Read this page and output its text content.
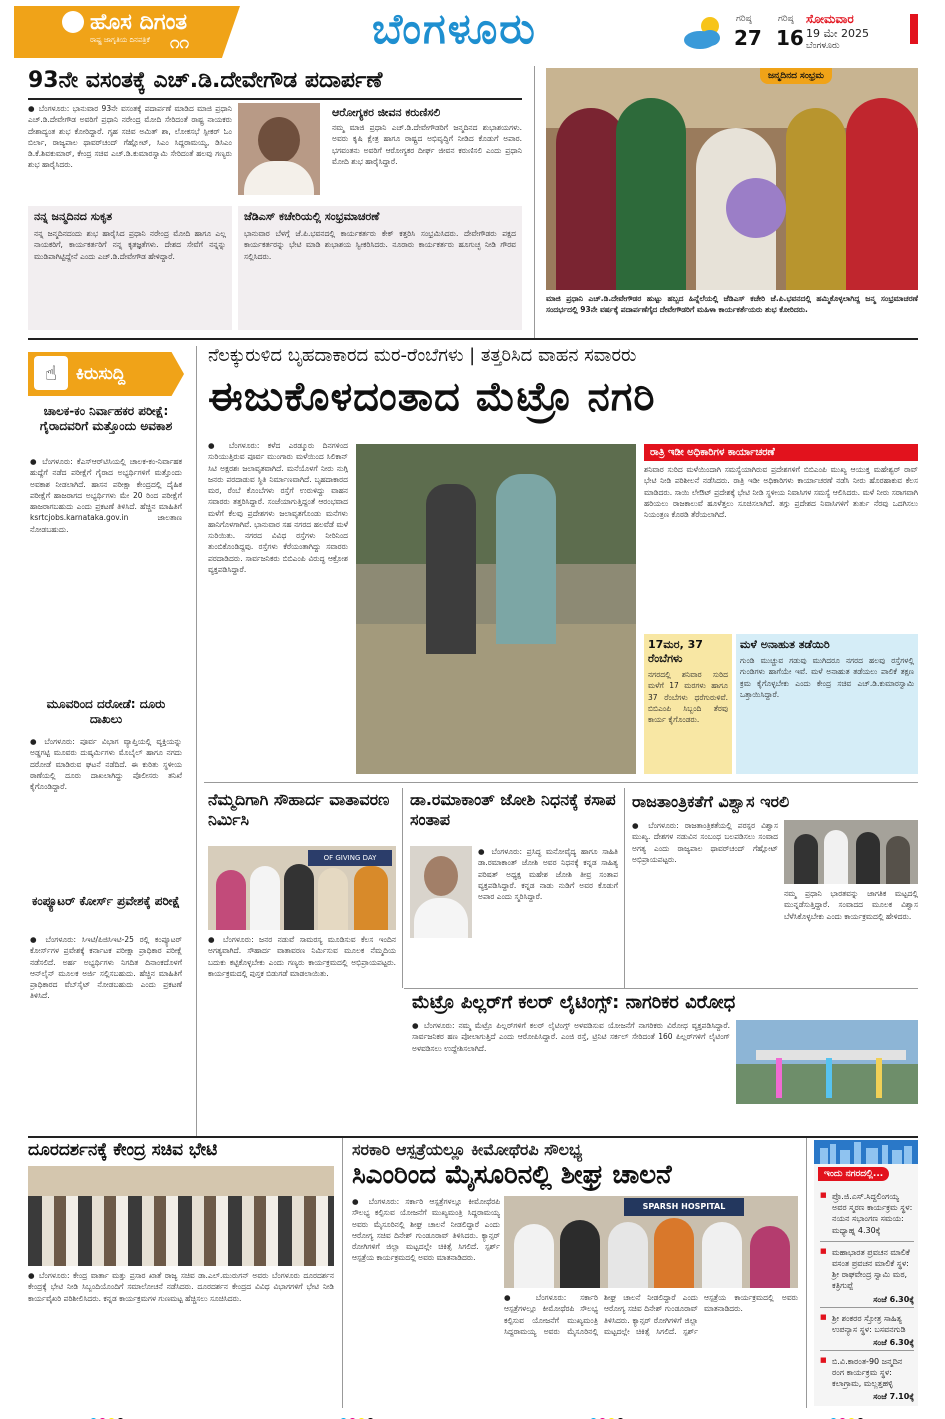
ಹೊಸ ದಿಗಂತ
ರಾಷ್ಟ್ರ ಜಾಗೃತಿಯ ದಿನಪತ್ರಿಕೆ ೧೧	ಬೆಂಗಳೂರು	ಗರಿಷ್ಠ
27
ಗರಿಷ್ಠ
16
ಸೋಮವಾರ
19 ಮೇ 2025
ಬೆಂಗಳೂರು
93ನೇ ವಸಂತಕ್ಕೆ ಎಚ್.ಡಿ.ದೇವೇಗೌಡ ಪದಾರ್ಪಣೆ
● ಬೆಂಗಳೂರು: ಭಾನುವಾರ 93ನೇ ವಸಂತಕ್ಕೆ ಪದಾರ್ಪಣೆ ಮಾಡಿದ ಮಾಜಿ ಪ್ರಧಾನಿ ಎಚ್.ಡಿ.ದೇವೇಗೌಡ ಅವರಿಗೆ ಪ್ರಧಾನಿ ನರೇಂದ್ರ ಮೋದಿ ಸೇರಿದಂತೆ ರಾಷ್ಟ್ರ ನಾಯಕರು ದೇಶಾದ್ಯಂತ ಶುಭ ಕೋರಿದ್ದಾರೆ. ಗೃಹ ಸಚಿವ ಅಮಿತ್ ಶಾ, ಲೋಕಸಭೆ ಸ್ಪೀಕರ್ ಓಂ ಬಿರ್ಲಾ, ರಾಜ್ಯಪಾಲ ಥಾವರ್‌ಚಂದ್ ಗೆಹ್ಲೋಟ್, ಸಿಎಂ ಸಿದ್ದರಾಮಯ್ಯ, ಡಿಸಿಎಂ ಡಿ.ಕೆ.ಶಿವಕುಮಾರ್, ಕೇಂದ್ರ ಸಚಿವ ಎಚ್.ಡಿ.ಕುಮಾರಸ್ವಾಮಿ ಸೇರಿದಂತೆ ಹಲವು ಗಣ್ಯರು ಶುಭ ಹಾರೈಸಿದರು.
ಆರೋಗ್ಯಕರ ಜೀವನ ಕರುಣಿಸಲಿ
ನಮ್ಮ ಮಾಜಿ ಪ್ರಧಾನಿ ಎಚ್.ಡಿ.ದೇವೇಗೌಡರಿಗೆ ಜನ್ಮದಿನದ ಶುಭಾಶಯಗಳು. ಅವರು ಕೃಷಿ ಕ್ಷೇತ್ರ ಹಾಗೂ ರಾಷ್ಟ್ರದ ಅಭಿವೃದ್ಧಿಗೆ ನೀಡಿದ ಕೊಡುಗೆ ಅಪಾರ. ಭಗವಂತನು ಅವರಿಗೆ ಆರೋಗ್ಯಕರ ದೀರ್ಘ ಜೀವನ ಕರುಣಿಸಲಿ ಎಂದು ಪ್ರಧಾನಿ ಮೋದಿ ಶುಭ ಹಾರೈಸಿದ್ದಾರೆ.
ನನ್ನ ಜನ್ಮದಿನದ ಸುಕೃತ
ನನ್ನ ಜನ್ಮದಿನದಂದು ಶುಭ ಹಾರೈಸಿದ ಪ್ರಧಾನಿ ನರೇಂದ್ರ ಮೋದಿ ಹಾಗೂ ಎಲ್ಲ ನಾಯಕರಿಗೆ, ಕಾರ್ಯಕರ್ತರಿಗೆ ನನ್ನ ಕೃತಜ್ಞತೆಗಳು. ದೇಶದ ಸೇವೆಗೆ ನನ್ನನ್ನು ಮುಡಿಪಾಗಿಟ್ಟಿದ್ದೇನೆ ಎಂದು ಎಚ್.ಡಿ.ದೇವೇಗೌಡ ಹೇಳಿದ್ದಾರೆ.
ಜೆಡಿಎಸ್ ಕಚೇರಿಯಲ್ಲಿ ಸಂಭ್ರಮಾಚರಣೆ
ಭಾನುವಾರ ಬೆಳಗ್ಗೆ ಜೆ.ಪಿ.ಭವನದಲ್ಲಿ ಕಾರ್ಯಕರ್ತರು ಕೇಕ್ ಕತ್ತರಿಸಿ ಸಂಭ್ರಮಿಸಿದರು. ದೇವೇಗೌಡರು ಪಕ್ಷದ ಕಾರ್ಯಕರ್ತರನ್ನು ಭೇಟಿ ಮಾಡಿ ಶುಭಾಶಯ ಸ್ವೀಕರಿಸಿದರು. ನೂರಾರು ಕಾರ್ಯಕರ್ತರು ಹೂಗುಚ್ಛ ನೀಡಿ ಗೌರವ ಸಲ್ಲಿಸಿದರು.
ಜನ್ಮದಿನದ ಸಂಭ್ರಮ
ಮಾಜಿ ಪ್ರಧಾನಿ ಎಚ್.ಡಿ.ದೇವೇಗೌಡರ ಹುಟ್ಟು ಹಬ್ಬದ ಹಿನ್ನೆಲೆಯಲ್ಲಿ ಜೆಡಿಎಸ್ ಕಚೇರಿ ಜೆ.ಪಿ.ಭವನದಲ್ಲಿ ಹಮ್ಮಿಕೊಳ್ಳಲಾಗಿದ್ದ ಜನ್ಮ ಸಂಭ್ರಮಾಚರಣೆ ಸಂದರ್ಭದಲ್ಲಿ 93ನೇ ವರ್ಷಕ್ಕೆ ಪದಾರ್ಪಣೆಗೈದ ದೇವೇಗೌಡರಿಗೆ ಮಹಿಳಾ ಕಾರ್ಯಕರ್ತೆಯರು ಶುಭ ಕೋರಿದರು.
☝	ಕಿರುಸುದ್ದಿ
ಚಾಲಕ-ಕಂ ನಿರ್ವಾಹಕರ ಪರೀಕ್ಷೆ: ಗೈರಾದವರಿಗೆ ಮತ್ತೊಂದು ಅವಕಾಶ
● ಬೆಂಗಳೂರು: ಕೆಎಸ್ಆರ್‌ಟಿಸಿಯಲ್ಲಿ ಚಾಲಕ-ಕಂ-ನಿರ್ವಾಹಕ ಹುದ್ದೆಗೆ ನಡೆದ ಪರೀಕ್ಷೆಗೆ ಗೈರಾದ ಅಭ್ಯರ್ಥಿಗಳಿಗೆ ಮತ್ತೊಂದು ಅವಕಾಶ ನೀಡಲಾಗಿದೆ. ಹಾಸನ ಪರೀಕ್ಷಾ ಕೇಂದ್ರದಲ್ಲಿ ದೈಹಿಕ ಪರೀಕ್ಷೆಗೆ ಹಾಜರಾಗದ ಅಭ್ಯರ್ಥಿಗಳು ಮೇ 20 ರಿಂದ ಪರೀಕ್ಷೆಗೆ ಹಾಜರಾಗಬಹುದು ಎಂದು ಪ್ರಕಟಣೆ ತಿಳಿಸಿದೆ. ಹೆಚ್ಚಿನ ಮಾಹಿತಿಗೆ ksrtcjobs.karnataka.gov.in ಜಾಲತಾಣ ನೋಡಬಹುದು.
ಮೂವರಿಂದ ದರೋಡೆ: ದೂರು ದಾಖಲು
● ಬೆಂಗಳೂರು: ಪೂರ್ವ ವಿಭಾಗ ವ್ಯಾಪ್ತಿಯಲ್ಲಿ ವ್ಯಕ್ತಿಯನ್ನು ಅಡ್ಡಗಟ್ಟಿ ಮೂವರು ದುಷ್ಕರ್ಮಿಗಳು ಮೊಬೈಲ್ ಹಾಗೂ ನಗದು ದರೋಡೆ ಮಾಡಿರುವ ಘಟನೆ ನಡೆದಿದೆ. ಈ ಕುರಿತು ಸ್ಥಳೀಯ ಠಾಣೆಯಲ್ಲಿ ದೂರು ದಾಖಲಾಗಿದ್ದು ಪೊಲೀಸರು ತನಿಖೆ ಕೈಗೊಂಡಿದ್ದಾರೆ.
ಕಂಪ್ಯೂಟರ್ ಕೋರ್ಸ್ ಪ್ರವೇಶಕ್ಕೆ ಪರೀಕ್ಷೆ
● ಬೆಂಗಳೂರು: ಸಿಇಟಿ/ಪಿಜಿಸಿಇಟಿ-25 ರಲ್ಲಿ ಕಂಪ್ಯೂಟರ್ ಕೋರ್ಸ್‌ಗಳ ಪ್ರವೇಶಕ್ಕೆ ಕರ್ನಾಟಕ ಪರೀಕ್ಷಾ ಪ್ರಾಧಿಕಾರ ಪರೀಕ್ಷೆ ನಡೆಸಲಿದೆ. ಅರ್ಹ ಅಭ್ಯರ್ಥಿಗಳು ನಿಗದಿತ ದಿನಾಂಕದೊಳಗೆ ಆನ್‌ಲೈನ್ ಮೂಲಕ ಅರ್ಜಿ ಸಲ್ಲಿಸಬಹುದು. ಹೆಚ್ಚಿನ ಮಾಹಿತಿಗೆ ಪ್ರಾಧಿಕಾರದ ವೆಬ್‌ಸೈಟ್ ನೋಡಬಹುದು ಎಂದು ಪ್ರಕಟಣೆ ತಿಳಿಸಿದೆ.
ನೆಲಕ್ಕುರುಳಿದ ಬೃಹದಾಕಾರದ ಮರ-ರೆಂಬೆಗಳು | ತತ್ತರಿಸಿದ ವಾಹನ ಸವಾರರು
ಈಜುಕೊಳದಂತಾದ ಮೆಟ್ರೊ ನಗರಿ
● ಬೆಂಗಳೂರು: ಕಳೆದ ಎರಡ್ಮೂರು ದಿನಗಳಿಂದ ಸುರಿಯುತ್ತಿರುವ ಪೂರ್ವ ಮುಂಗಾರು ಮಳೆಯಿಂದ ಸಿಲಿಕಾನ್ ಸಿಟಿ ಅಕ್ಷರಶಃ ಜಲಾವೃತವಾಗಿದೆ. ಮನೆಯೊಳಗೆ ನೀರು ನುಗ್ಗಿ ಜನರು ಪರದಾಡುವ ಸ್ಥಿತಿ ನಿರ್ಮಾಣವಾಗಿದೆ. ಬೃಹದಾಕಾರದ ಮರ, ರೆಂಬೆ ಕೊಂಬೆಗಳು ರಸ್ತೆಗೆ ಉರುಳಿದ್ದು ವಾಹನ ಸವಾರರು ತತ್ತರಿಸಿದ್ದಾರೆ. ಸಂಜೆಯಾಗುತ್ತಿದ್ದಂತೆ ಆರಂಭವಾದ ಮಳೆಗೆ ಕೆಲವು ಪ್ರದೇಶಗಳು ಜಲಾವೃತಗೊಂಡು ಮನೆಗಳು ಹಾನಿಗೊಳಗಾಗಿವೆ. ಭಾನುವಾರ ಸಹ ನಗರದ ಹಲವೆಡೆ ಮಳೆ ಸುರಿಯಿತು. ನಗರದ ವಿವಿಧ ರಸ್ತೆಗಳು ನೀರಿನಿಂದ ತುಂಬಿಕೊಂಡಿದ್ದವು. ರಸ್ತೆಗಳು ಕೆರೆಯಂತಾಗಿದ್ದು ಸವಾರರು ಪರದಾಡಿದರು. ಸಾರ್ವಜನಿಕರು ಬಿಬಿಎಂಪಿ ವಿರುದ್ಧ ಆಕ್ರೋಶ ವ್ಯಕ್ತಪಡಿಸಿದ್ದಾರೆ.
ರಾತ್ರಿ ಇಡೀ ಅಧಿಕಾರಿಗಳ ಕಾರ್ಯಾಚರಣೆ
ಶನಿವಾರ ಸುರಿದ ಮಳೆಯಿಂದಾಗಿ ಸಮಸ್ಯೆಯಾಗಿರುವ ಪ್ರದೇಶಗಳಿಗೆ ಬಿಬಿಎಂಪಿ ಮುಖ್ಯ ಆಯುಕ್ತ ಮಹೇಶ್ವರ್ ರಾವ್ ಭೇಟಿ ನೀಡಿ ಪರಿಶೀಲನೆ ನಡೆಸಿದರು. ರಾತ್ರಿ ಇಡೀ ಅಧಿಕಾರಿಗಳು ಕಾರ್ಯಾಚರಣೆ ನಡೆಸಿ ನೀರು ಹೊರಹಾಕುವ ಕೆಲಸ ಮಾಡಿದರು. ಸಾಯಿ ಲೇಔಟ್ ಪ್ರದೇಶಕ್ಕೆ ಭೇಟಿ ನೀಡಿ ಸ್ಥಳೀಯ ನಿವಾಸಿಗಳ ಸಮಸ್ಯೆ ಆಲಿಸಿದರು. ಮಳೆ ನೀರು ಸರಾಗವಾಗಿ ಹರಿಯಲು ರಾಜಕಾಲುವೆ ಹೂಳೆತ್ತಲು ಸೂಚಿಸಲಾಗಿದೆ. ತಗ್ಗು ಪ್ರದೇಶದ ನಿವಾಸಿಗಳಿಗೆ ತುರ್ತು ನೆರವು ಒದಗಿಸಲು ನಿಯಂತ್ರಣ ಕೊಠಡಿ ತೆರೆಯಲಾಗಿದೆ.
17ಮರ, 37 ರೆಂಬೆಗಳು
ನಗರದಲ್ಲಿ ಶನಿವಾರ ಸುರಿದ ಮಳೆಗೆ 17 ಮರಗಳು ಹಾಗೂ 37 ರೆಂಬೆಗಳು ಧರೆಗುರುಳಿವೆ. ಬಿಬಿಎಂಪಿ ಸಿಬ್ಬಂದಿ ತೆರವು ಕಾರ್ಯ ಕೈಗೊಂಡರು.
ಮಳೆ ಅನಾಹುತ ತಡೆಯಿರಿ
ಗುಂಡಿ ಮುಚ್ಚುವ ಗಡುವು ಮುಗಿದರೂ ನಗರದ ಹಲವು ರಸ್ತೆಗಳಲ್ಲಿ ಗುಂಡಿಗಳು ಹಾಗೆಯೇ ಇವೆ. ಮಳೆ ಅನಾಹುತ ತಡೆಯಲು ಪಾಲಿಕೆ ತಕ್ಷಣ ಕ್ರಮ ಕೈಗೊಳ್ಳಬೇಕು ಎಂದು ಕೇಂದ್ರ ಸಚಿವ ಎಚ್.ಡಿ.ಕುಮಾರಸ್ವಾಮಿ ಒತ್ತಾಯಿಸಿದ್ದಾರೆ.
ನೆಮ್ಮದಿಗಾಗಿ ಸೌಹಾರ್ದ ವಾತಾವರಣ ನಿರ್ಮಿಸಿ
OF GIVING DAY
● ಬೆಂಗಳೂರು: ಜನರ ನಡುವೆ ಸಾಮರಸ್ಯ ಮೂಡಿಸುವ ಕೆಲಸ ಇಂದಿನ ಅಗತ್ಯವಾಗಿದೆ. ಸೌಹಾರ್ದ ವಾತಾವರಣ ನಿರ್ಮಿಸುವ ಮೂಲಕ ನೆಮ್ಮದಿಯ ಬದುಕು ಕಟ್ಟಿಕೊಳ್ಳಬೇಕು ಎಂದು ಗಣ್ಯರು ಕಾರ್ಯಕ್ರಮದಲ್ಲಿ ಅಭಿಪ್ರಾಯಪಟ್ಟರು. ಕಾರ್ಯಕ್ರಮದಲ್ಲಿ ಪುಸ್ತಕ ಬಿಡುಗಡೆ ಮಾಡಲಾಯಿತು.
ಡಾ.ರಮಾಕಾಂತ್ ಜೋಶಿ ನಿಧನಕ್ಕೆ ಕಸಾಪ ಸಂತಾಪ
● ಬೆಂಗಳೂರು: ಪ್ರಸಿದ್ಧ ಮನೋವೈದ್ಯ ಹಾಗೂ ಸಾಹಿತಿ ಡಾ.ರಮಾಕಾಂತ್ ಜೋಶಿ ಅವರ ನಿಧನಕ್ಕೆ ಕನ್ನಡ ಸಾಹಿತ್ಯ ಪರಿಷತ್ ಅಧ್ಯಕ್ಷ ಮಹೇಶ ಜೋಶಿ ತೀವ್ರ ಸಂತಾಪ ವ್ಯಕ್ತಪಡಿಸಿದ್ದಾರೆ. ಕನ್ನಡ ನಾಡು ನುಡಿಗೆ ಅವರ ಕೊಡುಗೆ ಅಪಾರ ಎಂದು ಸ್ಮರಿಸಿದ್ದಾರೆ.
ರಾಜತಾಂತ್ರಿಕತೆಗೆ ವಿಶ್ವಾಸ ಇರಲಿ
● ಬೆಂಗಳೂರು: ರಾಜತಾಂತ್ರಿಕತೆಯಲ್ಲಿ ಪರಸ್ಪರ ವಿಶ್ವಾಸ ಮುಖ್ಯ. ದೇಶಗಳ ನಡುವಿನ ಸಂಬಂಧ ಬಲಪಡಿಸಲು ಸಂವಾದ ಅಗತ್ಯ ಎಂದು ರಾಜ್ಯಪಾಲ ಥಾವರ್‌ಚಂದ್ ಗೆಹ್ಲೋಟ್ ಅಭಿಪ್ರಾಯಪಟ್ಟರು.
ನಮ್ಮ ಪ್ರಧಾನಿ ಭಾರತವನ್ನು ಜಾಗತಿಕ ಮಟ್ಟದಲ್ಲಿ ಮುನ್ನಡೆಸುತ್ತಿದ್ದಾರೆ. ಸಂವಾದದ ಮೂಲಕ ವಿಶ್ವಾಸ ಬೆಳೆಸಿಕೊಳ್ಳಬೇಕು ಎಂದು ಕಾರ್ಯಕ್ರಮದಲ್ಲಿ ಹೇಳಿದರು.
ಮೆಟ್ರೊ ಪಿಲ್ಲರ್‌ಗೆ ಕಲರ್ ಲೈಟಿಂಗ್ಸ್: ನಾಗರಿಕರ ವಿರೋಧ
● ಬೆಂಗಳೂರು: ನಮ್ಮ ಮೆಟ್ರೊ ಪಿಲ್ಲರ್‌ಗಳಿಗೆ ಕಲರ್ ಲೈಟಿಂಗ್ಸ್ ಅಳವಡಿಸುವ ಯೋಜನೆಗೆ ನಾಗರಿಕರು ವಿರೋಧ ವ್ಯಕ್ತಪಡಿಸಿದ್ದಾರೆ. ಸಾರ್ವಜನಿಕರ ಹಣ ಪೋಲಾಗುತ್ತಿದೆ ಎಂದು ಆರೋಪಿಸಿದ್ದಾರೆ. ಎಂಜಿ ರಸ್ತೆ, ಟ್ರಿನಿಟಿ ಸರ್ಕಲ್ ಸೇರಿದಂತೆ 160 ಪಿಲ್ಲರ್‌ಗಳಿಗೆ ಲೈಟಿಂಗ್ ಅಳವಡಿಸಲು ಉದ್ದೇಶಿಸಲಾಗಿದೆ.
ದೂರದರ್ಶನಕ್ಕೆ ಕೇಂದ್ರ ಸಚಿವ ಭೇಟಿ
● ಬೆಂಗಳೂರು: ಕೇಂದ್ರ ವಾರ್ತಾ ಮತ್ತು ಪ್ರಸಾರ ಖಾತೆ ರಾಜ್ಯ ಸಚಿವ ಡಾ.ಎಲ್.ಮುರುಗನ್ ಅವರು ಬೆಂಗಳೂರು ದೂರದರ್ಶನ ಕೇಂದ್ರಕ್ಕೆ ಭೇಟಿ ನೀಡಿ ಸಿಬ್ಬಂದಿಯೊಂದಿಗೆ ಸಮಾಲೋಚನೆ ನಡೆಸಿದರು. ದೂರದರ್ಶನ ಕೇಂದ್ರದ ವಿವಿಧ ವಿಭಾಗಗಳಿಗೆ ಭೇಟಿ ನೀಡಿ ಕಾರ್ಯವೈಖರಿ ಪರಿಶೀಲಿಸಿದರು. ಕನ್ನಡ ಕಾರ್ಯಕ್ರಮಗಳ ಗುಣಮಟ್ಟ ಹೆಚ್ಚಿಸಲು ಸೂಚಿಸಿದರು.
ಸರಕಾರಿ ಆಸ್ಪತ್ರೆಯಲ್ಲೂ ಕೀಮೋಥೆರಪಿ ಸೌಲಭ್ಯ
ಸಿಎಂರಿಂದ ಮೈಸೂರಿನಲ್ಲಿ ಶೀಘ್ರ ಚಾಲನೆ
● ಬೆಂಗಳೂರು: ಸರ್ಕಾರಿ ಆಸ್ಪತ್ರೆಗಳಲ್ಲೂ ಕೀಮೋಥೆರಪಿ ಸೌಲಭ್ಯ ಕಲ್ಪಿಸುವ ಯೋಜನೆಗೆ ಮುಖ್ಯಮಂತ್ರಿ ಸಿದ್ದರಾಮಯ್ಯ ಅವರು ಮೈಸೂರಿನಲ್ಲಿ ಶೀಘ್ರ ಚಾಲನೆ ನೀಡಲಿದ್ದಾರೆ ಎಂದು ಆರೋಗ್ಯ ಸಚಿವ ದಿನೇಶ್ ಗುಂಡೂರಾವ್ ತಿಳಿಸಿದರು. ಕ್ಯಾನ್ಸರ್ ರೋಗಿಗಳಿಗೆ ಜಿಲ್ಲಾ ಮಟ್ಟದಲ್ಲೇ ಚಿಕಿತ್ಸೆ ಸಿಗಲಿದೆ. ಸ್ಪರ್ಶ್ ಆಸ್ಪತ್ರೆಯ ಕಾರ್ಯಕ್ರಮದಲ್ಲಿ ಅವರು ಮಾತನಾಡಿದರು.
SPARSH HOSPITAL
● ಬೆಂಗಳೂರು: ಸರ್ಕಾರಿ ಆಸ್ಪತ್ರೆಗಳಲ್ಲೂ ಕೀಮೋಥೆರಪಿ ಸೌಲಭ್ಯ ಕಲ್ಪಿಸುವ ಯೋಜನೆಗೆ ಮುಖ್ಯಮಂತ್ರಿ ಸಿದ್ದರಾಮಯ್ಯ ಅವರು ಮೈಸೂರಿನಲ್ಲಿ ಶೀಘ್ರ ಚಾಲನೆ ನೀಡಲಿದ್ದಾರೆ ಎಂದು ಆರೋಗ್ಯ ಸಚಿವ ದಿನೇಶ್ ಗುಂಡೂರಾವ್ ತಿಳಿಸಿದರು. ಕ್ಯಾನ್ಸರ್ ರೋಗಿಗಳಿಗೆ ಜಿಲ್ಲಾ ಮಟ್ಟದಲ್ಲೇ ಚಿಕಿತ್ಸೆ ಸಿಗಲಿದೆ. ಸ್ಪರ್ಶ್ ಆಸ್ಪತ್ರೆಯ ಕಾರ್ಯಕ್ರಮದಲ್ಲಿ ಅವರು ಮಾತನಾಡಿದರು.
ಇಂದು ನಗರದಲ್ಲಿ...
■ ಪ್ರೊ.ಜಿ.ಎಸ್.ಸಿದ್ದಲಿಂಗಯ್ಯ ಅವರ ಸ್ಮರಣ ಕಾರ್ಯಕ್ರಮ ಸ್ಥಳ: ನಯನ ಸಭಾಂಗಣ ಸಮಯ: ಮಧ್ಯಾಹ್ನ 4.30ಕ್ಕೆ
■ ಮಹಾಭಾರತ ಪ್ರವಚನ ಮಾಲಿಕೆ ವಸಂತ ಪ್ರವಚನ ಮಾಲಿಕೆ ಸ್ಥಳ: ಶ್ರೀ ರಾಘವೇಂದ್ರ ಸ್ವಾಮಿ ಮಠ, ಕತ್ರಿಗುಪ್ಪೆ
ಸಂಜೆ 6.30ಕ್ಕೆ
■ ಶ್ರೀ ಶಂಕರರ ಸ್ತೋತ್ರ ಸಾಹಿತ್ಯ ಉಪನ್ಯಾಸ ಸ್ಥಳ: ಬಸವನಗುಡಿ
ಸಂಜೆ 6.30ಕ್ಕೆ
■ ಬಿ.ವಿ.ಕಾರಂತ-90 ಜನ್ಮದಿನ ರಂಗ ಕಾರ್ಯಕ್ರಮ ಸ್ಥಳ: ಕಲಾಗ್ರಾಮ, ಮಲ್ಲತ್ತಹಳ್ಳಿ
ಸಂಜೆ 7.10ಕ್ಕೆ
